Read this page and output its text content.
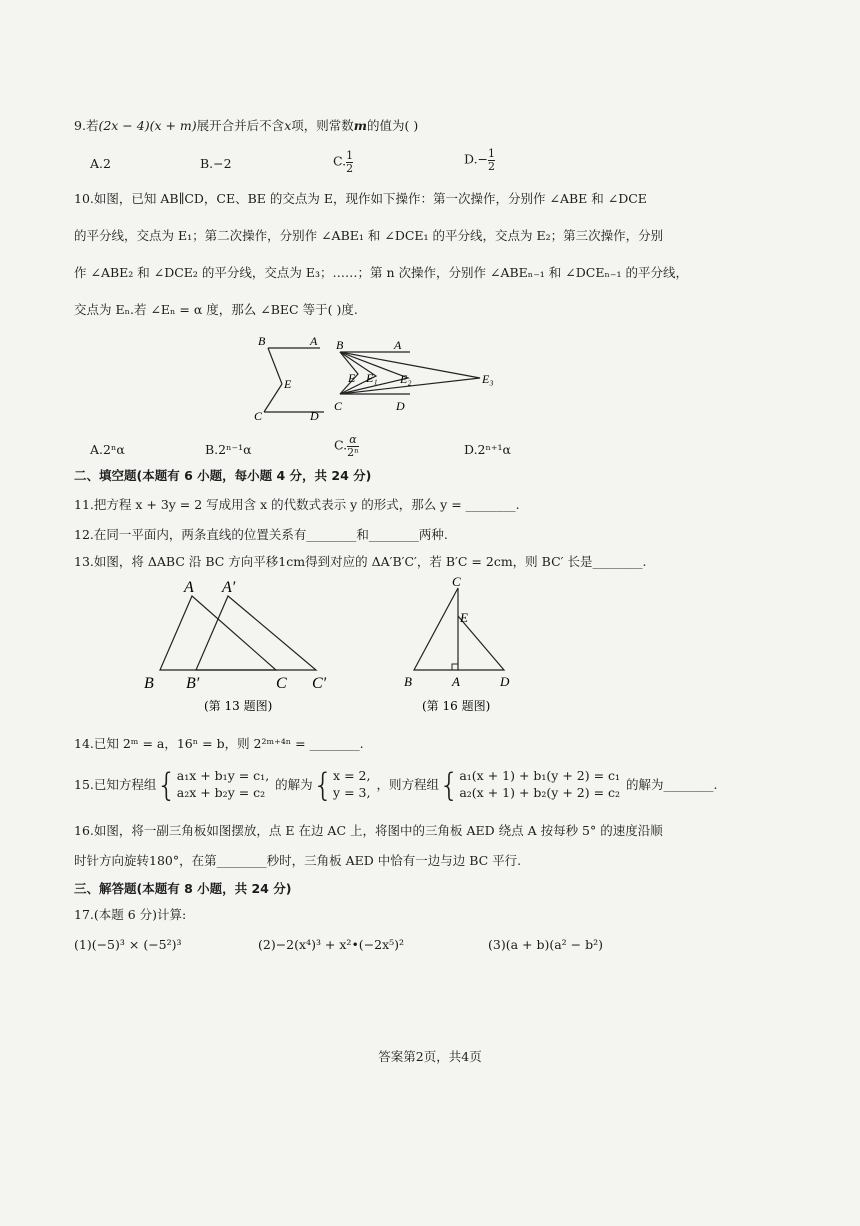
9.若(2x − 4)(x + m)展开合并后不含x项，则常数m的值为( )
A.2	B.−2	C. $\frac{1}{2}$	$D.- \frac{1}{2}$
10.如图，已知 AB∥CD，CE、BE 的交点为 E，现作如下操作：第一次操作，分别作 ∠ABE 和 ∠DCE
的平分线，交点为 E₁；第二次操作，分别作 ∠ABE₁ 和 ∠DCE₁ 的平分线，交点为 E₂；第三次操作，分别
作 ∠ABE₂ 和 ∠DCE₂ 的平分线，交点为 E₃；……；第 n 次操作，分别作 ∠ABEₙ₋₁ 和 ∠DCEₙ₋₁ 的平分线，
交点为 Eₙ.若 ∠Eₙ = α 度，那么 ∠BEC 等于( )度.
B	A
E
C	D
B	A
E E₁ E₂	E₃
C	D
A.2ⁿα	B.2ⁿ⁻¹α	C. $\frac{\alpha}{\text{2ⁿ}}$	D.2ⁿ⁺¹α
二、填空题(本题有 6 小题，每小题 4 分，共 24 分)
11.把方程 x + 3y = 2 写成用含 x 的代数式表示 y 的形式，那么 y = ________.
12.在同一平面内，两条直线的位置关系有________和________两种.
13.如图，将 ΔABC 沿 BC 方向平移1cm得到对应的 ΔA′B′C′，若 B′C = 2cm，则 BC′ 长是________.
A A′
B B′	C C′
(第 13 题图)
C
E
B	A	D
(第 16 题图)
14.已知 2ᵐ = a，16ⁿ = b，则 2²ᵐ⁺⁴ⁿ = ________.
15.已知方程组 { a₁x + b₁y = c₁,
a₂x + b₂y = c₂ 的解为 { x = 2,
y = 3, ，则方程组 { a₁(x + 1) + b₁(y + 2) = c₁
a₂(x + 1) + b₂(y + 2) = c₂ 的解为________.
16.如图，将一副三角板如图摆放，点 E 在边 AC 上，将图中的三角板 AED 绕点 A 按每秒 5° 的速度沿顺
时针方向旋转180°，在第________秒时，三角板 AED 中恰有一边与边 BC 平行.
三、解答题(本题有 8 小题，共 24 分)
17.(本题 6 分)计算:
(1)(−5)³ × (−5²)³	(2)−2(x⁴)³ + x²•(−2x⁵)²	(3)(a + b)(a² − b²)
答案第2页，共4页
